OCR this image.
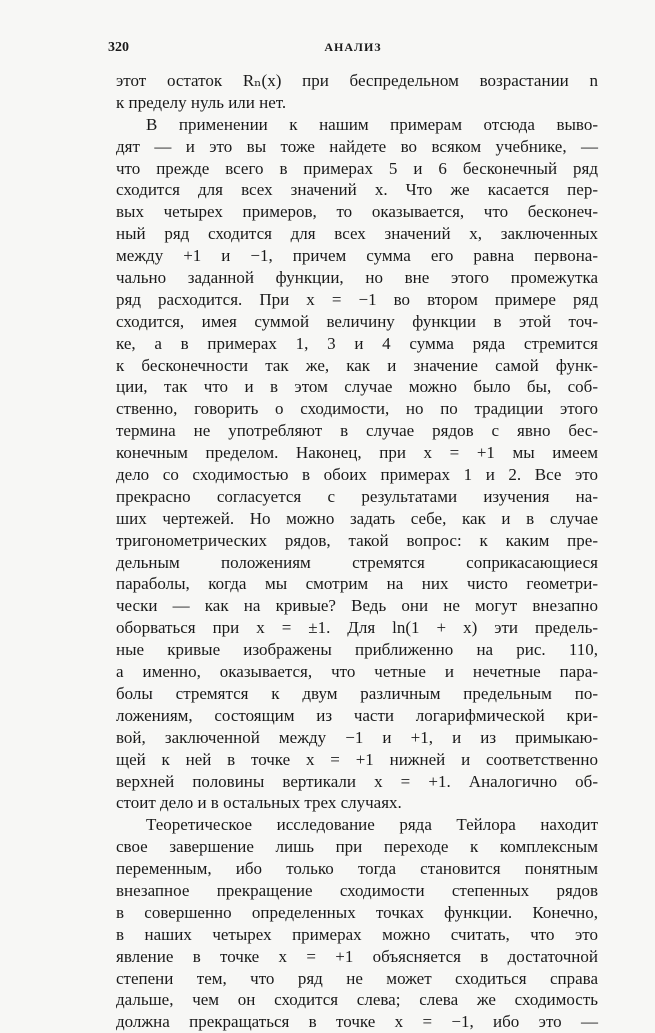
320	АНАЛИЗ
этот остаток Rₙ(x) при беспредельном возрастании n
к пределу нуль или нет.
В применении к нашим примерам отсюда выво-
дят — и это вы тоже найдете во всяком учебнике, —
что прежде всего в примерах 5 и 6 бесконечный ряд
сходится для всех значений x. Что же касается пер-
вых четырех примеров, то оказывается, что бесконеч-
ный ряд сходится для всех значений x, заключенных
между +1 и −1, причем сумма его равна первона-
чально заданной функции, но вне этого промежутка
ряд расходится. При x = −1 во втором примере ряд
сходится, имея суммой величину функции в этой точ-
ке, а в примерах 1, 3 и 4 сумма ряда стремится
к бесконечности так же, как и значение самой функ-
ции, так что и в этом случае можно было бы, соб-
ственно, говорить о сходимости, но по традиции этого
термина не употребляют в случае рядов с явно бес-
конечным пределом. Наконец, при x = +1 мы имеем
дело со сходимостью в обоих примерах 1 и 2. Все это
прекрасно согласуется с результатами изучения на-
ших чертежей. Но можно задать себе, как и в случае
тригонометрических рядов, такой вопрос: к каким пре-
дельным положениям стремятся соприкасающиеся
параболы, когда мы смотрим на них чисто геометри-
чески — как на кривые? Ведь они не могут внезапно
оборваться при x = ±1. Для ln(1 + x) эти предель-
ные кривые изображены приближенно на рис. 110,
а именно, оказывается, что четные и нечетные пара-
болы стремятся к двум различным предельным по-
ложениям, состоящим из части логарифмической кри-
вой, заключенной между −1 и +1, и из примыкаю-
щей к ней в точке x = +1 нижней и соответственно
верхней половины вертикали x = +1. Аналогично об-
стоит дело и в остальных трех случаях.
Теоретическое исследование ряда Тейлора находит
свое завершение лишь при переходе к комплексным
переменным, ибо только тогда становится понятным
внезапное прекращение сходимости степенных рядов
в совершенно определенных точках функции. Конечно,
в наших четырех примерах можно считать, что это
явление в точке x = +1 объясняется в достаточной
степени тем, что ряд не может сходиться справа
дальше, чем он сходится слева; слева же сходимость
должна прекращаться в точке x = −1, ибо это —
